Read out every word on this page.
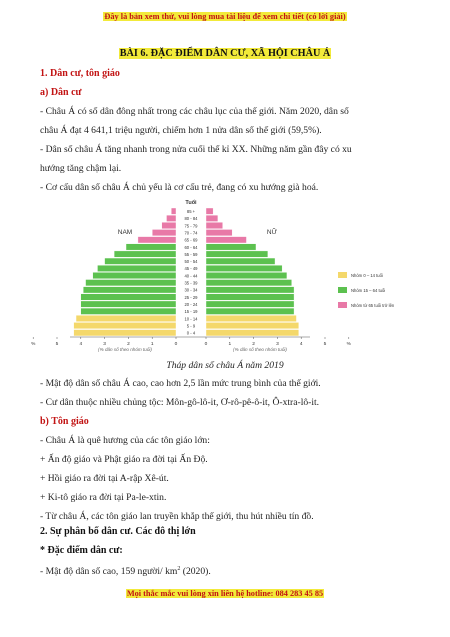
Đây là bản xem thử, vui lòng mua tài liệu để xem chi tiết (có lời giải)
BÀI 6. ĐẶC ĐIỂM DÂN CƯ, XÃ HỘI CHÂU Á
1. Dân cư, tôn giáo
a) Dân cư
- Châu Á có số dân đông nhất trong các châu lục của thế giới. Năm 2020, dân số
châu Á đạt 4 641,1 triệu người, chiếm hơn 1 nửa dân số thế giới (59,5%).
- Dân số châu Á tăng nhanh trong nửa cuối thế kỉ XX. Những năm gần đây có xu
hướng tăng chậm lại.
- Cơ cấu dân số châu Á chủ yếu là cơ cấu trẻ, đang có xu hướng già hoá.
85 +
80 - 84
75 - 79
70 - 74
65 - 69
60 - 64
55 - 59
50 - 54
45 - 49
40 - 44
35 - 39
30 - 34
25 - 29
20 - 24
15 - 19
10 - 14
5 - 9
0 - 4
%	5	4	3	2	1	0	0	1	2	3	4	5	%
Tuổi
NAM	NỮ
(% dân số theo nhóm tuổi)	(% dân số theo nhóm tuổi)
Nhóm 0 – 14 tuổi
Nhóm 15 – 64 tuổi
Nhóm từ 65 tuổi trở lên
Tháp dân số châu Á năm 2019
- Mật độ dân số châu Á cao, cao hơn 2,5 lần mức trung bình của thế giới.
- Cư dân thuộc nhiều chủng tộc: Môn-gô-lô-it, Ơ-rô-pê-ô-it, Ô-xtra-lô-it.
b) Tôn giáo
- Châu Á là quê hương của các tôn giáo lớn:
+ Ấn độ giáo và Phật giáo ra đời tại Ấn Độ.
+ Hồi giáo ra đời tại A-rập Xê-út.
+ Ki-tô giáo ra đời tại Pa-le-xtin.
- Từ châu Á, các tôn giáo lan truyền khắp thế giới, thu hút nhiều tín đồ.
2. Sự phân bố dân cư. Các đô thị lớn
* Đặc điểm dân cư:
- Mật độ dân số cao, 159 người/ $km^2$ (2020).
Mọi thắc mắc vui lòng xin liên hệ hotline: 084 283 45 85
